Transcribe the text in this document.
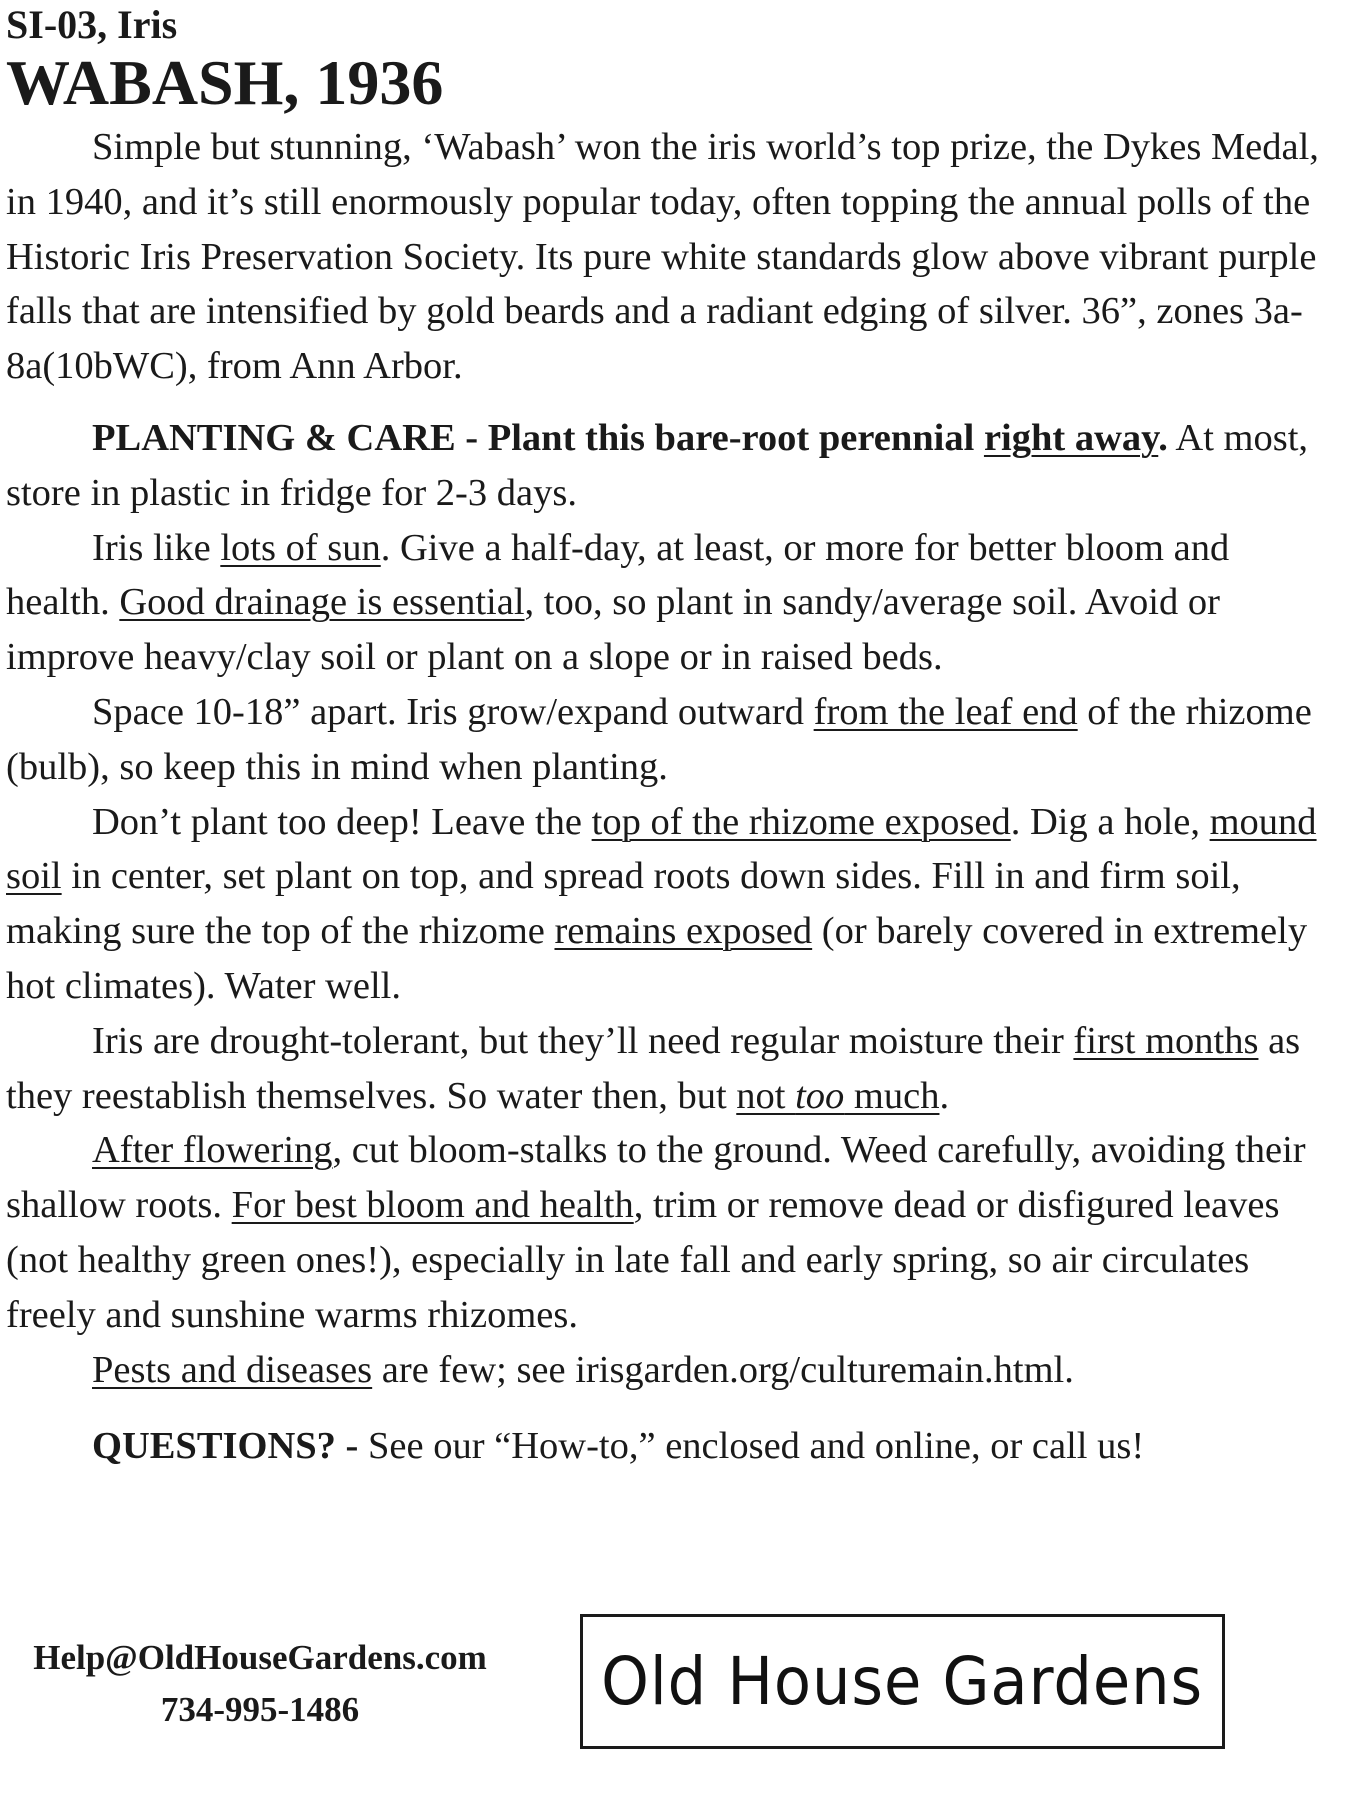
SI-03, Iris
WABASH, 1936

Simple but stunning, ‘Wabash’ won the iris world’s top prize, the Dykes Medal, in 1940, and it’s still enormously popular today, often topping the annual polls of the Historic Iris Preservation Society. Its pure white standards glow above vibrant purple falls that are intensified by gold beards and a radiant edging of silver. 36”, zones 3a-8a(10bWC), from Ann Arbor.

PLANTING & CARE - Plant this bare-root perennial right away. At most, store in plastic in fridge for 2-3 days.

Iris like lots of sun. Give a half-day, at least, or more for better bloom and health. Good drainage is essential, too, so plant in sandy/average soil. Avoid or improve heavy/clay soil or plant on a slope or in raised beds.

Space 10-18” apart. Iris grow/expand outward from the leaf end of the rhizome (bulb), so keep this in mind when planting.

Don’t plant too deep! Leave the top of the rhizome exposed. Dig a hole, mound soil in center, set plant on top, and spread roots down sides. Fill in and firm soil, making sure the top of the rhizome remains exposed (or barely covered in extremely hot climates). Water well.

Iris are drought-tolerant, but they’ll need regular moisture their first months as they reestablish themselves. So water then, but not too much.

After flowering, cut bloom-stalks to the ground. Weed carefully, avoiding their shallow roots. For best bloom and health, trim or remove dead or disfigured leaves (not healthy green ones!), especially in late fall and early spring, so air circulates freely and sunshine warms rhizomes.

Pests and diseases are few; see irisgarden.org/culturemain.html.

QUESTIONS? - See our “How-to,” enclosed and online, or call us!

Help@OldHouseGardens.com
734-995-1486	Old House Gardens
